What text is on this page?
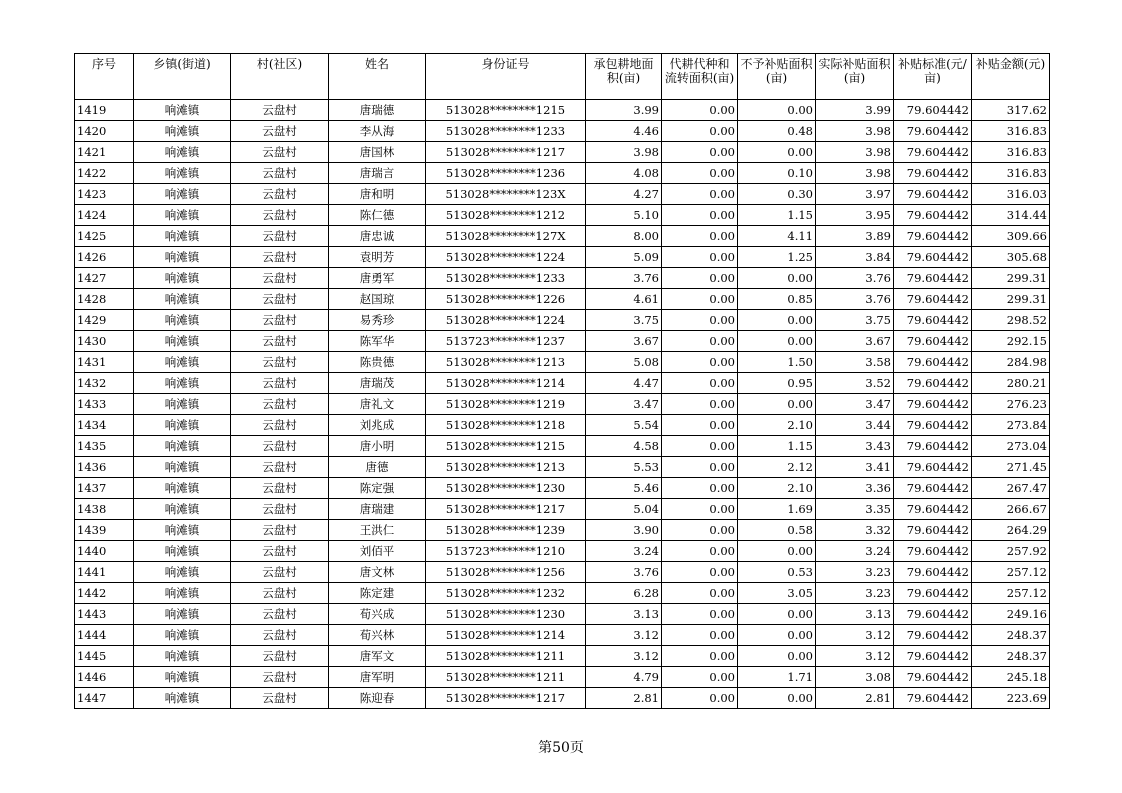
序号	乡镇(街道)	村(社区)	姓名	身份证号	承包耕地面积(亩)	代耕代种和流转面积(亩)	不予补贴面积(亩)	实际补贴面积(亩)	补贴标准(元/亩)	补贴金额(元)
1419	响滩镇	云盘村	唐瑞德	513028********1215	3.99	0.00	0.00	3.99	79.604442	317.62
1420	响滩镇	云盘村	李从海	513028********1233	4.46	0.00	0.48	3.98	79.604442	316.83
1421	响滩镇	云盘村	唐国林	513028********1217	3.98	0.00	0.00	3.98	79.604442	316.83
1422	响滩镇	云盘村	唐瑞言	513028********1236	4.08	0.00	0.10	3.98	79.604442	316.83
1423	响滩镇	云盘村	唐和明	513028********123X	4.27	0.00	0.30	3.97	79.604442	316.03
1424	响滩镇	云盘村	陈仁德	513028********1212	5.10	0.00	1.15	3.95	79.604442	314.44
1425	响滩镇	云盘村	唐忠诚	513028********127X	8.00	0.00	4.11	3.89	79.604442	309.66
1426	响滩镇	云盘村	袁明芳	513028********1224	5.09	0.00	1.25	3.84	79.604442	305.68
1427	响滩镇	云盘村	唐勇军	513028********1233	3.76	0.00	0.00	3.76	79.604442	299.31
1428	响滩镇	云盘村	赵国琼	513028********1226	4.61	0.00	0.85	3.76	79.604442	299.31
1429	响滩镇	云盘村	易秀珍	513028********1224	3.75	0.00	0.00	3.75	79.604442	298.52
1430	响滩镇	云盘村	陈军华	513723********1237	3.67	0.00	0.00	3.67	79.604442	292.15
1431	响滩镇	云盘村	陈贵德	513028********1213	5.08	0.00	1.50	3.58	79.604442	284.98
1432	响滩镇	云盘村	唐瑞茂	513028********1214	4.47	0.00	0.95	3.52	79.604442	280.21
1433	响滩镇	云盘村	唐礼文	513028********1219	3.47	0.00	0.00	3.47	79.604442	276.23
1434	响滩镇	云盘村	刘兆成	513028********1218	5.54	0.00	2.10	3.44	79.604442	273.84
1435	响滩镇	云盘村	唐小明	513028********1215	4.58	0.00	1.15	3.43	79.604442	273.04
1436	响滩镇	云盘村	唐德	513028********1213	5.53	0.00	2.12	3.41	79.604442	271.45
1437	响滩镇	云盘村	陈定强	513028********1230	5.46	0.00	2.10	3.36	79.604442	267.47
1438	响滩镇	云盘村	唐瑞建	513028********1217	5.04	0.00	1.69	3.35	79.604442	266.67
1439	响滩镇	云盘村	王洪仁	513028********1239	3.90	0.00	0.58	3.32	79.604442	264.29
1440	响滩镇	云盘村	刘佰平	513723********1210	3.24	0.00	0.00	3.24	79.604442	257.92
1441	响滩镇	云盘村	唐文林	513028********1256	3.76	0.00	0.53	3.23	79.604442	257.12
1442	响滩镇	云盘村	陈定建	513028********1232	6.28	0.00	3.05	3.23	79.604442	257.12
1443	响滩镇	云盘村	荀兴成	513028********1230	3.13	0.00	0.00	3.13	79.604442	249.16
1444	响滩镇	云盘村	荀兴林	513028********1214	3.12	0.00	0.00	3.12	79.604442	248.37
1445	响滩镇	云盘村	唐军文	513028********1211	3.12	0.00	0.00	3.12	79.604442	248.37
1446	响滩镇	云盘村	唐军明	513028********1211	4.79	0.00	1.71	3.08	79.604442	245.18
1447	响滩镇	云盘村	陈迎春	513028********1217	2.81	0.00	0.00	2.81	79.604442	223.69
第50页
